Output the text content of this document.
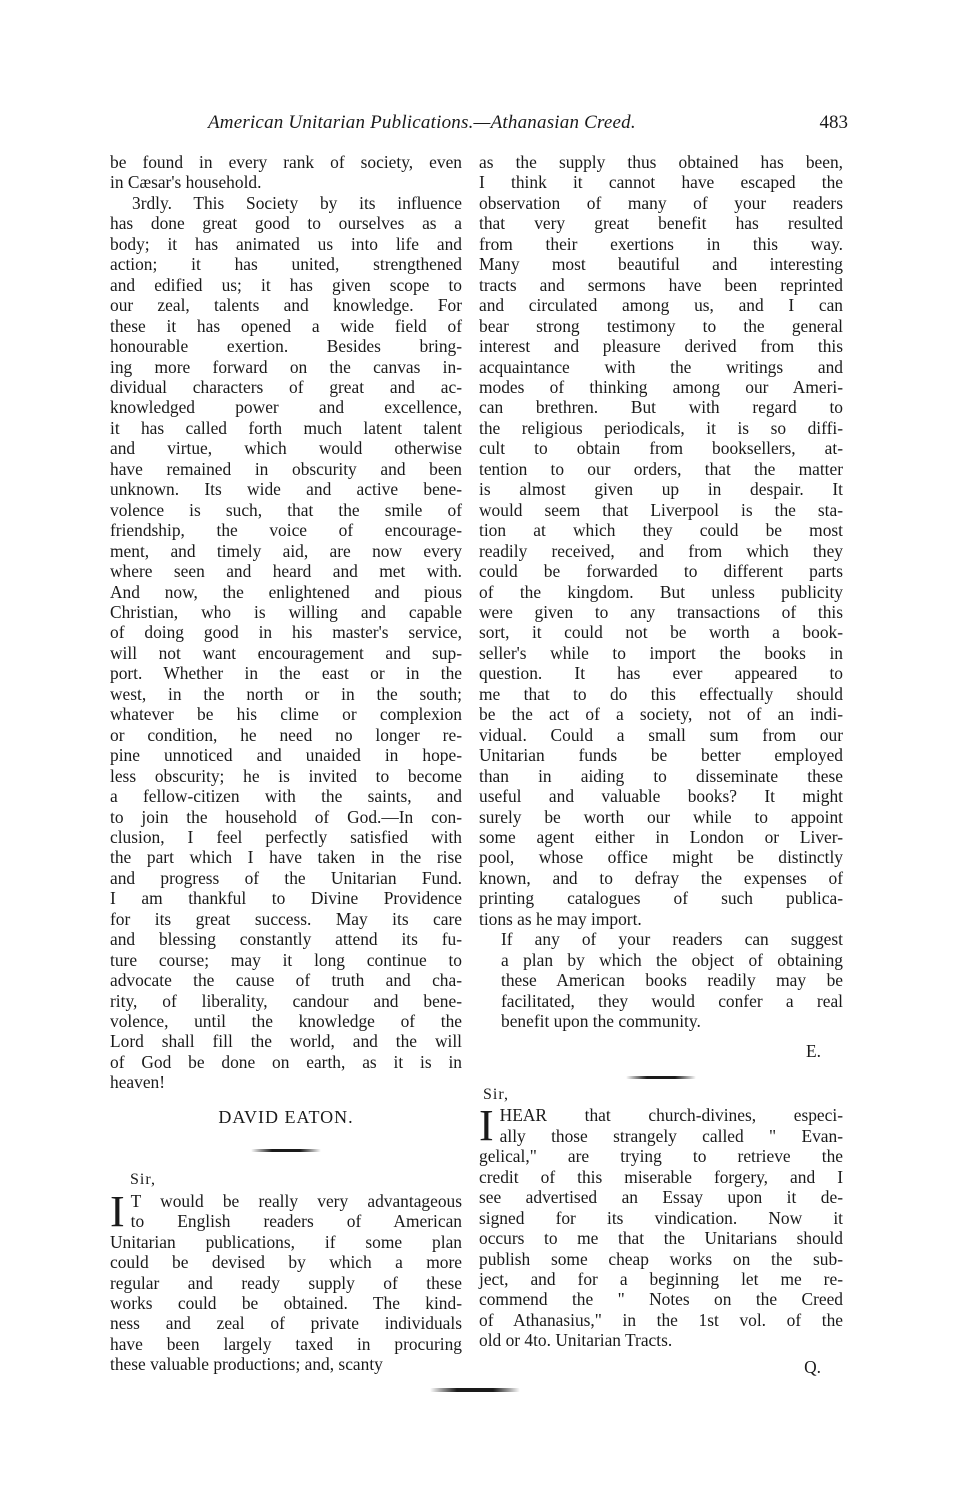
American Unitarian Publications.—Athanasian Creed.	483
be found in every rank of society, even
in Cæsar's household.
3rdly. This Society by its influence
has done great good to ourselves as a
body; it has animated us into life and
action; it has united, strengthened
and edified us; it has given scope to
our zeal, talents and knowledge. For
these it has opened a wide field of
honourable exertion. Besides bring-
ing more forward on the canvas in-
dividual characters of great and ac-
knowledged power and excellence,
it has called forth much latent talent
and virtue, which would otherwise
have remained in obscurity and been
unknown. Its wide and active bene-
volence is such, that the smile of
friendship, the voice of encourage-
ment, and timely aid, are now every
where seen and heard and met with.
And now, the enlightened and pious
Christian, who is willing and capable
of doing good in his master's service,
will not want encouragement and sup-
port. Whether in the east or in the
west, in the north or in the south;
whatever be his clime or complexion
or condition, he need no longer re-
pine unnoticed and unaided in hope-
less obscurity; he is invited to become
a fellow-citizen with the saints, and
to join the household of God.—In con-
clusion, I feel perfectly satisfied with
the part which I have taken in the rise
and progress of the Unitarian Fund.
I am thankful to Divine Providence
for its great success. May its care
and blessing constantly attend its fu-
ture course; may it long continue to
advocate the cause of truth and cha-
rity, of liberality, candour and bene-
volence, until the knowledge of the
Lord shall fill the world, and the will
of God be done on earth, as it is in
heaven!
DAVID EATON.
Sir,
I T would be really very advantageous
to English readers of American
Unitarian publications, if some plan
could be devised by which a more
regular and ready supply of these
works could be obtained. The kind-
ness and zeal of private individuals
have been largely taxed in procuring
these valuable productions; and, scanty
as the supply thus obtained has been,
I think it cannot have escaped the
observation of many of your readers
that very great benefit has resulted
from their exertions in this way.
Many most beautiful and interesting
tracts and sermons have been reprinted
and circulated among us, and I can
bear strong testimony to the general
interest and pleasure derived from this
acquaintance with the writings and
modes of thinking among our Ameri-
can brethren. But with regard to
the religious periodicals, it is so diffi-
cult to obtain from booksellers, at-
tention to our orders, that the matter
is almost given up in despair. It
would seem that Liverpool is the sta-
tion at which they could be most
readily received, and from which they
could be forwarded to different parts
of the kingdom. But unless publicity
were given to any transactions of this
sort, it could not be worth a book-
seller's while to import the books in
question. It has ever appeared to
me that to do this effectually should
be the act of a society, not of an indi-
vidual. Could a small sum from our
Unitarian funds be better employed
than in aiding to disseminate these
useful and valuable books? It might
surely be worth our while to appoint
some agent either in London or Liver-
pool, whose office might be distinctly
known, and to defray the expenses of
printing catalogues of such publica-
tions as he may import.
If any of your readers can suggest
a plan by which the object of obtaining
these American books readily may be
facilitated, they would confer a real
benefit upon the community.
E.
Sir,
I HEAR that church-divines, especi-
ally those strangely called " Evan-
gelical," are trying to retrieve the
credit of this miserable forgery, and I
see advertised an Essay upon it de-
signed for its vindication. Now it
occurs to me that the Unitarians should
publish some cheap works on the sub-
ject, and for a beginning let me re-
commend the " Notes on the Creed
of Athanasius," in the 1st vol. of the
old or 4to. Unitarian Tracts.
Q.
